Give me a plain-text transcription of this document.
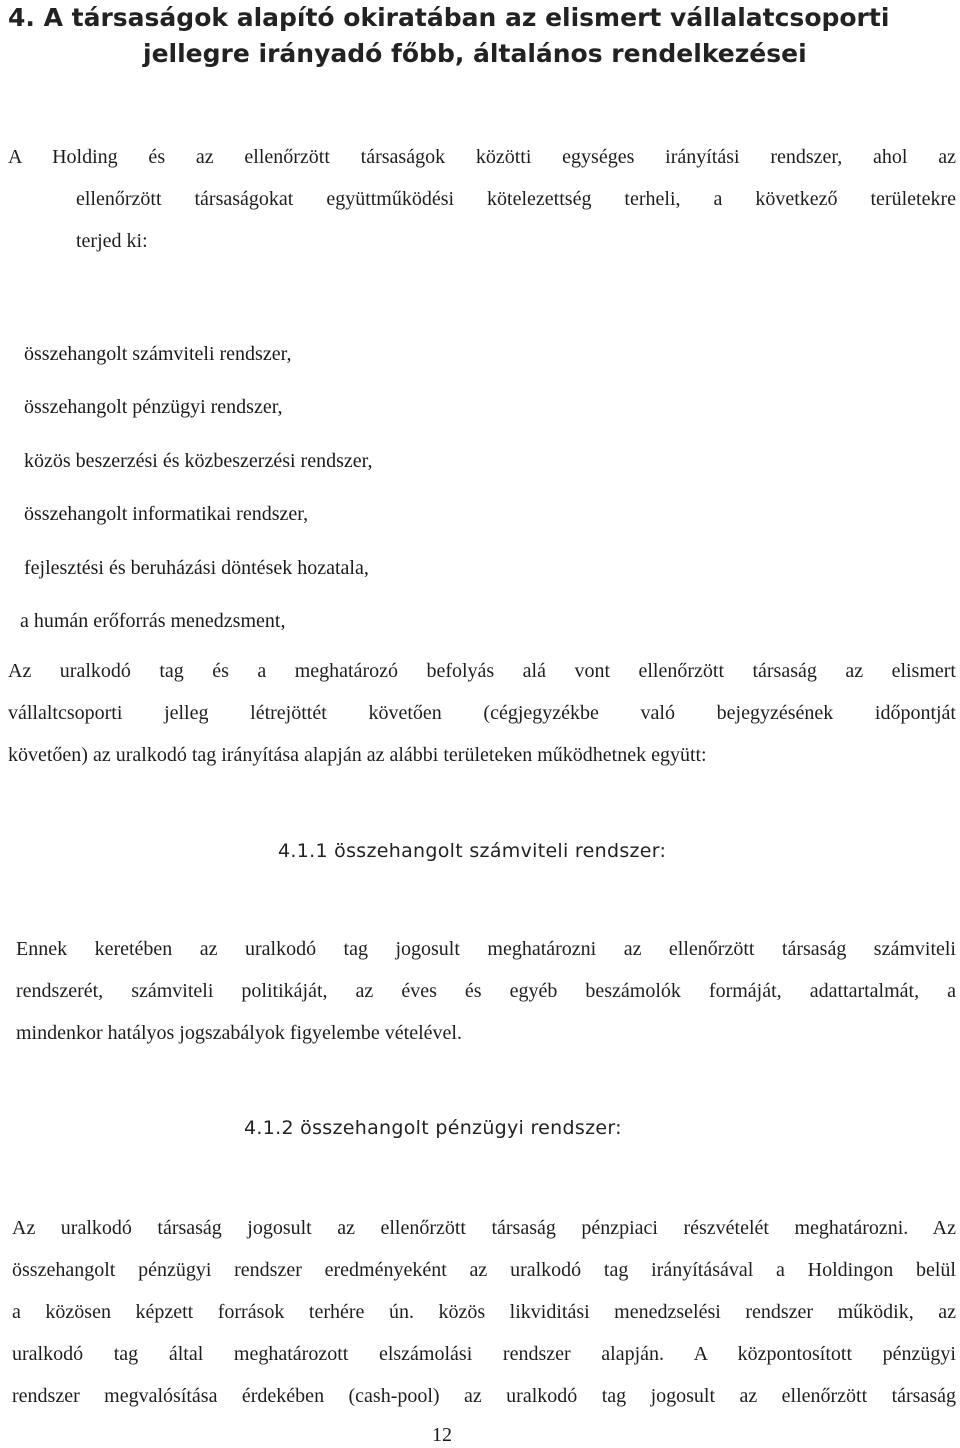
4. A társaságok alapító okiratában az elismert vállalatcsoporti
jellegre irányadó főbb, általános rendelkezései
A Holding és az ellenőrzött társaságok közötti egységes irányítási rendszer, ahol az
ellenőrzött társaságokat együttműködési kötelezettség terheli, a következő területekre
terjed ki:
összehangolt számviteli rendszer,
összehangolt pénzügyi rendszer,
közös beszerzési és közbeszerzési rendszer,
összehangolt informatikai rendszer,
fejlesztési és beruházási döntések hozatala,
a humán erőforrás menedzsment,
Az uralkodó tag és a meghatározó befolyás alá vont ellenőrzött társaság az elismert
vállaltcsoporti jelleg létrejöttét követően (cégjegyzékbe való bejegyzésének időpontját
követően) az uralkodó tag irányítása alapján az alábbi területeken működhetnek együtt:
4.1.1 összehangolt számviteli rendszer:
Ennek keretében az uralkodó tag jogosult meghatározni az ellenőrzött társaság számviteli
rendszerét, számviteli politikáját, az éves és egyéb beszámolók formáját, adattartalmát, a
mindenkor hatályos jogszabályok figyelembe vételével.
4.1.2 összehangolt pénzügyi rendszer:
Az uralkodó társaság jogosult az ellenőrzött társaság pénzpiaci részvételét meghatározni. Az
összehangolt pénzügyi rendszer eredményeként az uralkodó tag irányításával a Holdingon belül
a közösen képzett források terhére ún. közös likviditási menedzselési rendszer működik, az
uralkodó tag által meghatározott elszámolási rendszer alapján. A központosított pénzügyi
rendszer megvalósítása érdekében (cash-pool) az uralkodó tag jogosult az ellenőrzött társaság
12
